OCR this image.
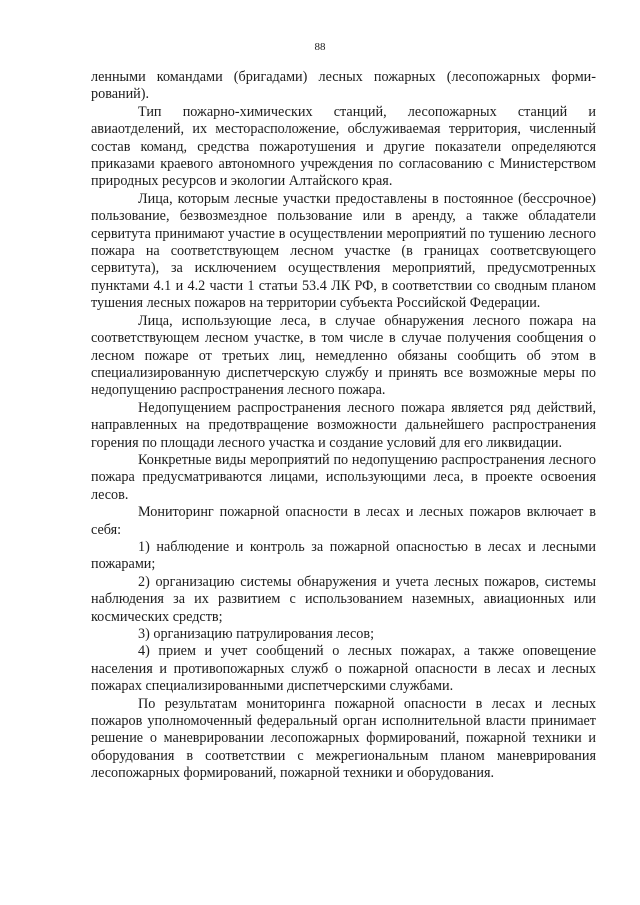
88

ленными командами (бригадами) лесных пожарных (лесопожарных формирований).

Тип пожарно-химических станций, лесопожарных станций и авиаотделений, их месторасположение, обслуживаемая территория, численный состав команд, средства пожаротушения и другие показатели определяются приказами краевого автономного учреждения по согласованию с Министерством природных ресурсов и экологии Алтайского края.

Лица, которым лесные участки предоставлены в постоянное (бессрочное) пользование, безвозмездное пользование или в аренду, а также обладатели сервитута принимают участие в осуществлении мероприятий по тушению лесного пожара на соответствующем лесном участке (в границах соответсвующего сервитута), за исключением осуществления мероприятий, предусмотренных пунктами 4.1 и 4.2 части 1 статьи 53.4 ЛК РФ, в соответствии со сводным планом тушения лесных пожаров на территории субъекта Российской Федерации.

Лица, использующие леса, в случае обнаружения лесного пожара на соответствующем лесном участке, в том числе в случае получения сообщения о лесном пожаре от третьих лиц, немедленно обязаны сообщить об этом в специализированную диспетчерскую службу и принять все возможные меры по недопущению распространения лесного пожара.

Недопущением распространения лесного пожара является ряд действий, направленных на предотвращение возможности дальнейшего распространения горения по площади лесного участка и создание условий для его ликвидации.

Конкретные виды мероприятий по недопущению распространения лесного пожара предусматриваются лицами, использующими леса, в проекте освоения лесов.

Мониторинг пожарной опасности в лесах и лесных пожаров включает в себя:

1) наблюдение и контроль за пожарной опасностью в лесах и лесными пожарами;

2) организацию системы обнаружения и учета лесных пожаров, системы наблюдения за их развитием с использованием наземных, авиационных или космических средств;

3) организацию патрулирования лесов;

4) прием и учет сообщений о лесных пожарах, а также оповещение населения и противопожарных служб о пожарной опасности в лесах и лесных пожарах специализированными диспетчерскими службами.

По результатам мониторинга пожарной опасности в лесах и лесных пожаров уполномоченный федеральный орган исполнительной власти принимает решение о маневрировании лесопожарных формирований, пожарной техники и оборудования в соответствии с межрегиональным планом маневрирования лесопожарных формирований, пожарной техники и оборудования.
